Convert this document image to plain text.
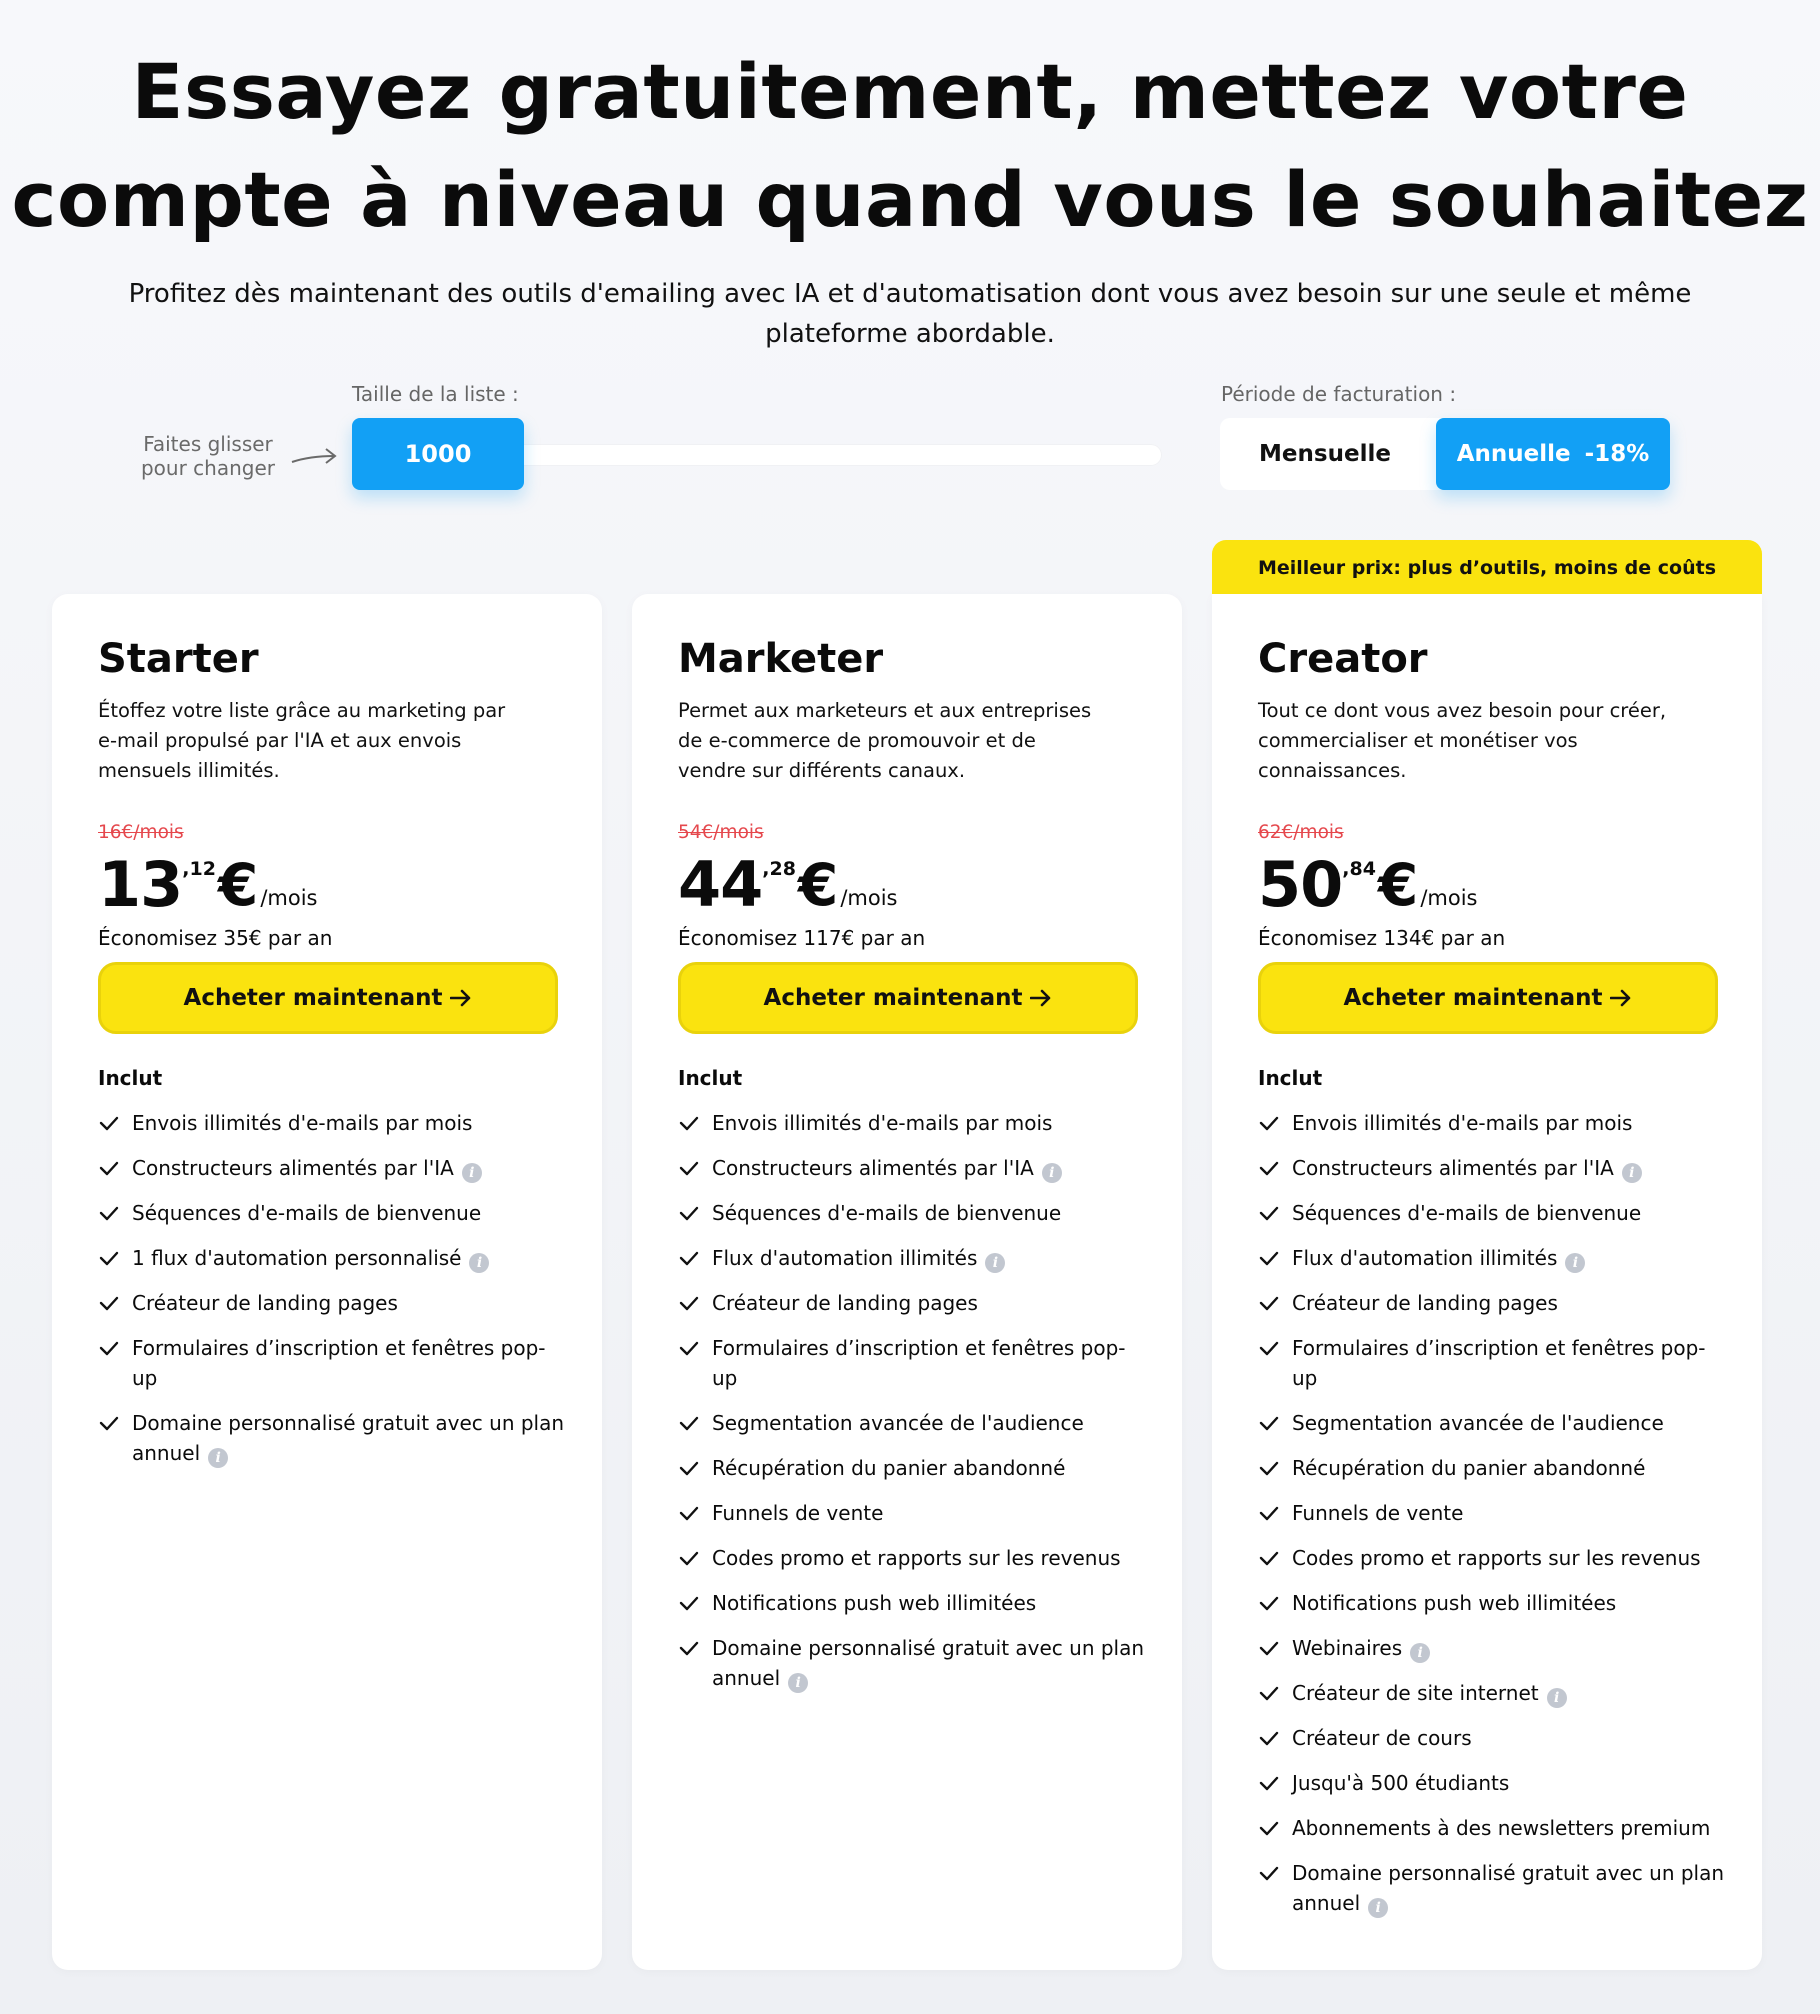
Essayez gratuitement, mettez votre
compte à niveau quand vous le souhaitez

Profitez dès maintenant des outils d'emailing avec IA et d'automatisation dont vous avez besoin sur une seule et même plateforme abordable.

Taille de la liste :
Faites glisser
pour changer	1000
Période de facturation :
Mensuelle	Annuelle -18%
Meilleur prix: plus d’outils, moins de coûts
Starter
Étoffez votre liste grâce au marketing par e-mail propulsé par l'IA et aux envois mensuels illimités.
16€/mois
13 ,12 € /mois
Économisez 35€ par an
Acheter maintenant
Inclut
Envois illimités d'e-mails par mois
Constructeurs alimentés par l'IA i
Séquences d'e-mails de bienvenue
1 flux d'automation personnalisé i
Créateur de landing pages
Formulaires d’inscription et fenêtres pop-up
Domaine personnalisé gratuit avec un plan annuel i
Marketer
Permet aux marketeurs et aux entreprises de e-commerce de promouvoir et de vendre sur différents canaux.
54€/mois
44 ,28 € /mois
Économisez 117€ par an
Acheter maintenant
Inclut
Envois illimités d'e-mails par mois
Constructeurs alimentés par l'IA i
Séquences d'e-mails de bienvenue
Flux d'automation illimités i
Créateur de landing pages
Formulaires d’inscription et fenêtres pop-up
Segmentation avancée de l'audience
Récupération du panier abandonné
Funnels de vente
Codes promo et rapports sur les revenus
Notifications push web illimitées
Domaine personnalisé gratuit avec un plan annuel i
Creator
Tout ce dont vous avez besoin pour créer, commercialiser et monétiser vos connaissances.
62€/mois
50 ,84 € /mois
Économisez 134€ par an
Acheter maintenant
Inclut
Envois illimités d'e-mails par mois
Constructeurs alimentés par l'IA i
Séquences d'e-mails de bienvenue
Flux d'automation illimités i
Créateur de landing pages
Formulaires d’inscription et fenêtres pop-up
Segmentation avancée de l'audience
Récupération du panier abandonné
Funnels de vente
Codes promo et rapports sur les revenus
Notifications push web illimitées
Webinaires i
Créateur de site internet i
Créateur de cours
Jusqu'à 500 étudiants
Abonnements à des newsletters premium
Domaine personnalisé gratuit avec un plan annuel i
